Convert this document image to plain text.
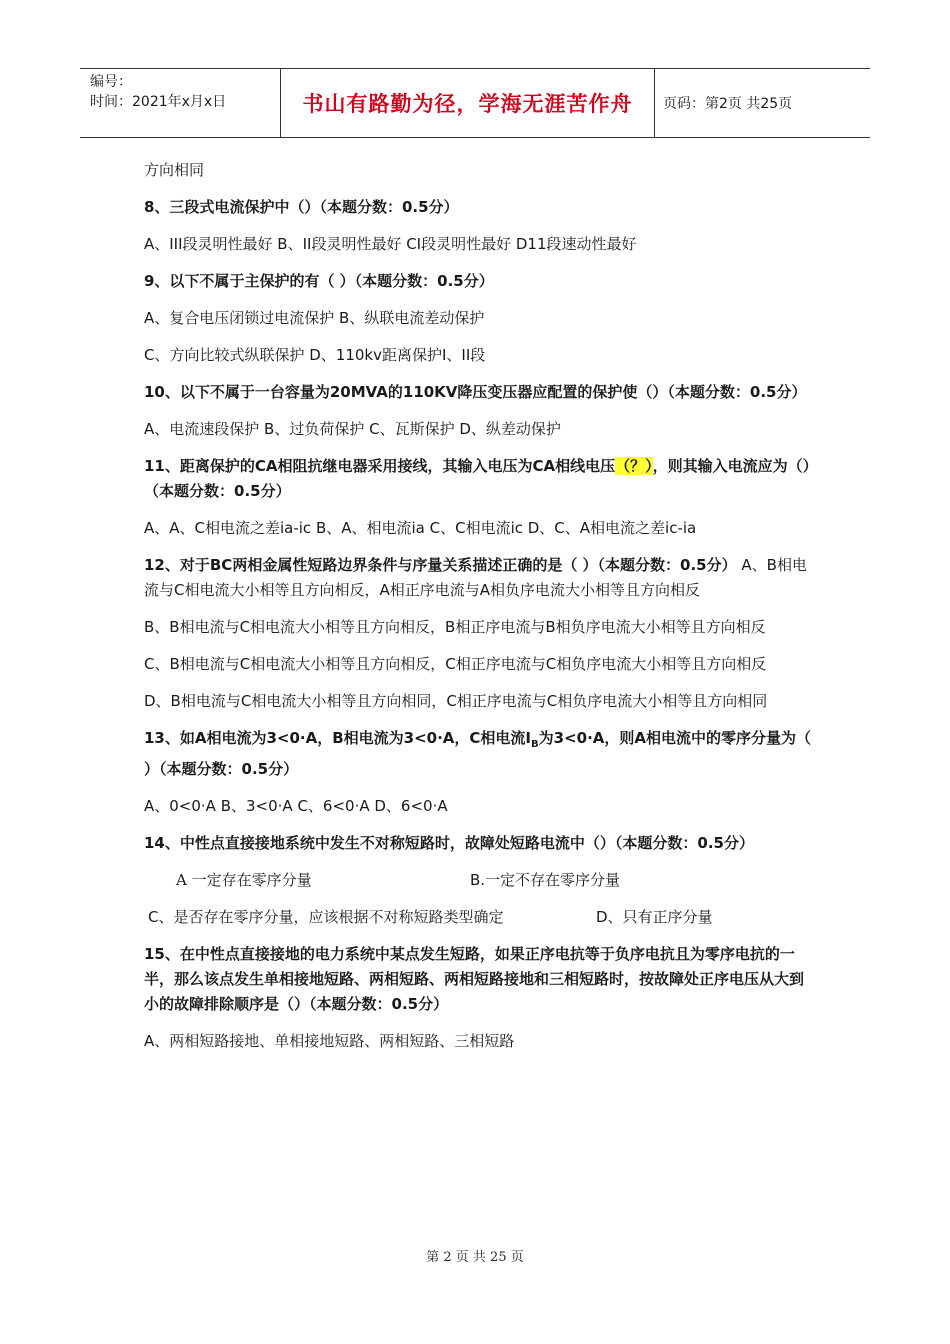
编号：
时间：2021年x月x日	书山有路勤为径，学海无涯苦作舟	页码：第2页 共25页

方向相同

8、三段式电流保护中（）（本题分数：0.5分）

A、III段灵明性最好 B、II段灵明性最好 CI段灵明性最好 D11段速动性最好

9、以下不属于主保护的有（ ）（本题分数：0.5分）

A、复合电压闭锁过电流保护 B、纵联电流差动保护

C、方向比较式纵联保护 D、110kv距离保护I、II段

10、以下不属于一台容量为20MVA的110KV降压变压器应配置的保护使（）（本题分数：0.5分）

A、电流速段保护 B、过负荷保护 C、瓦斯保护 D、纵差动保护

11、距离保护的CA相阻抗继电器采用接线，其输入电压为CA相线电压（？），则其输入电流应为（）（本题分数：0.5分）

A、A、C相电流之差ia-ic B、A、相电流ia C、C相电流ic D、C、A相电流之差ic-ia

12、对于BC两相金属性短路边界条件与序量关系描述正确的是（ ）（本题分数：0.5分） A、B相电流与C相电流大小相等且方向相反，A相正序电流与A相负序电流大小相等且方向相反

B、B相电流与C相电流大小相等且方向相反，B相正序电流与B相负序电流大小相等且方向相反

C、B相电流与C相电流大小相等且方向相反，C相正序电流与C相负序电流大小相等且方向相反

D、B相电流与C相电流大小相等且方向相同，C相正序电流与C相负序电流大小相等且方向相同

13、如A相电流为3<0·A，B相电流为3<0·A，C相电流$I_B$为3<0·A，则A相电流中的零序分量为（ ）（本题分数：0.5分）

A、0<0·A B、3<0·A C、6<0·A D、6<0·A

14、中性点直接接地系统中发生不对称短路时，故障处短路电流中（）（本题分数：0.5分）

A 一定存在零序分量	B.一定不存在零序分量
C、是否存在零序分量，应该根据不对称短路类型确定	D、只有正序分量

15、在中性点直接接地的电力系统中某点发生短路，如果正序电抗等于负序电抗且为零序电抗的一半，那么该点发生单相接地短路、两相短路、两相短路接地和三相短路时，按故障处正序电压从大到小的故障排除顺序是（）（本题分数：0.5分）

A、两相短路接地、单相接地短路、两相短路、三相短路

第 2 页 共 25 页
